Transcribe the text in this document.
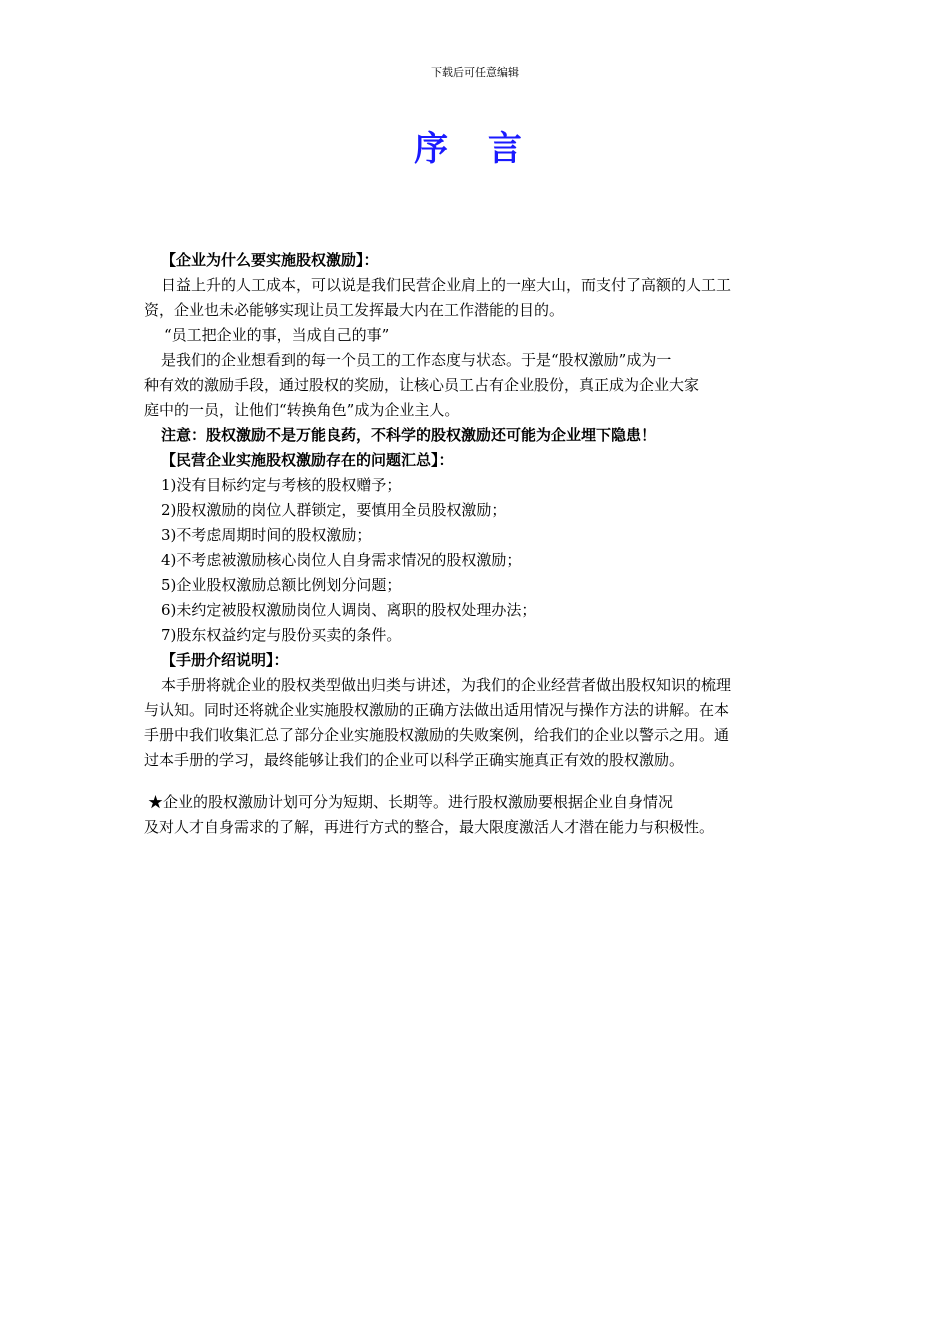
下载后可任意编辑
序 言
【企业为什么要实施股权激励】：
日益上升的人工成本，可以说是我们民营企业肩上的一座大山，而支付了高额的人工工
资，企业也未必能够实现让员工发挥最大内在工作潜能的目的。
“员工把企业的事，当成自己的事”
是我们的企业想看到的每一个员工的工作态度与状态。于是“股权激励”成为一
种有效的激励手段，通过股权的奖励，让核心员工占有企业股份，真正成为企业大家
庭中的一员，让他们“转换角色”成为企业主人。
注意：股权激励不是万能良药，不科学的股权激励还可能为企业埋下隐患！
【民营企业实施股权激励存在的问题汇总】：
1)没有目标约定与考核的股权赠予；
2)股权激励的岗位人群锁定，要慎用全员股权激励；
3)不考虑周期时间的股权激励；
4)不考虑被激励核心岗位人自身需求情况的股权激励；
5)企业股权激励总额比例划分问题；
6)未约定被股权激励岗位人调岗、离职的股权处理办法；
7)股东权益约定与股份买卖的条件。
【手册介绍说明】：
本手册将就企业的股权类型做出归类与讲述，为我们的企业经营者做出股权知识的梳理
与认知。同时还将就企业实施股权激励的正确方法做出适用情况与操作方法的讲解。在本
手册中我们收集汇总了部分企业实施股权激励的失败案例，给我们的企业以警示之用。通
过本手册的学习，最终能够让我们的企业可以科学正确实施真正有效的股权激励。
★企业的股权激励计划可分为短期、长期等。进行股权激励要根据企业自身情况
及对人才自身需求的了解，再进行方式的整合，最大限度激活人才潜在能力与积极性。
